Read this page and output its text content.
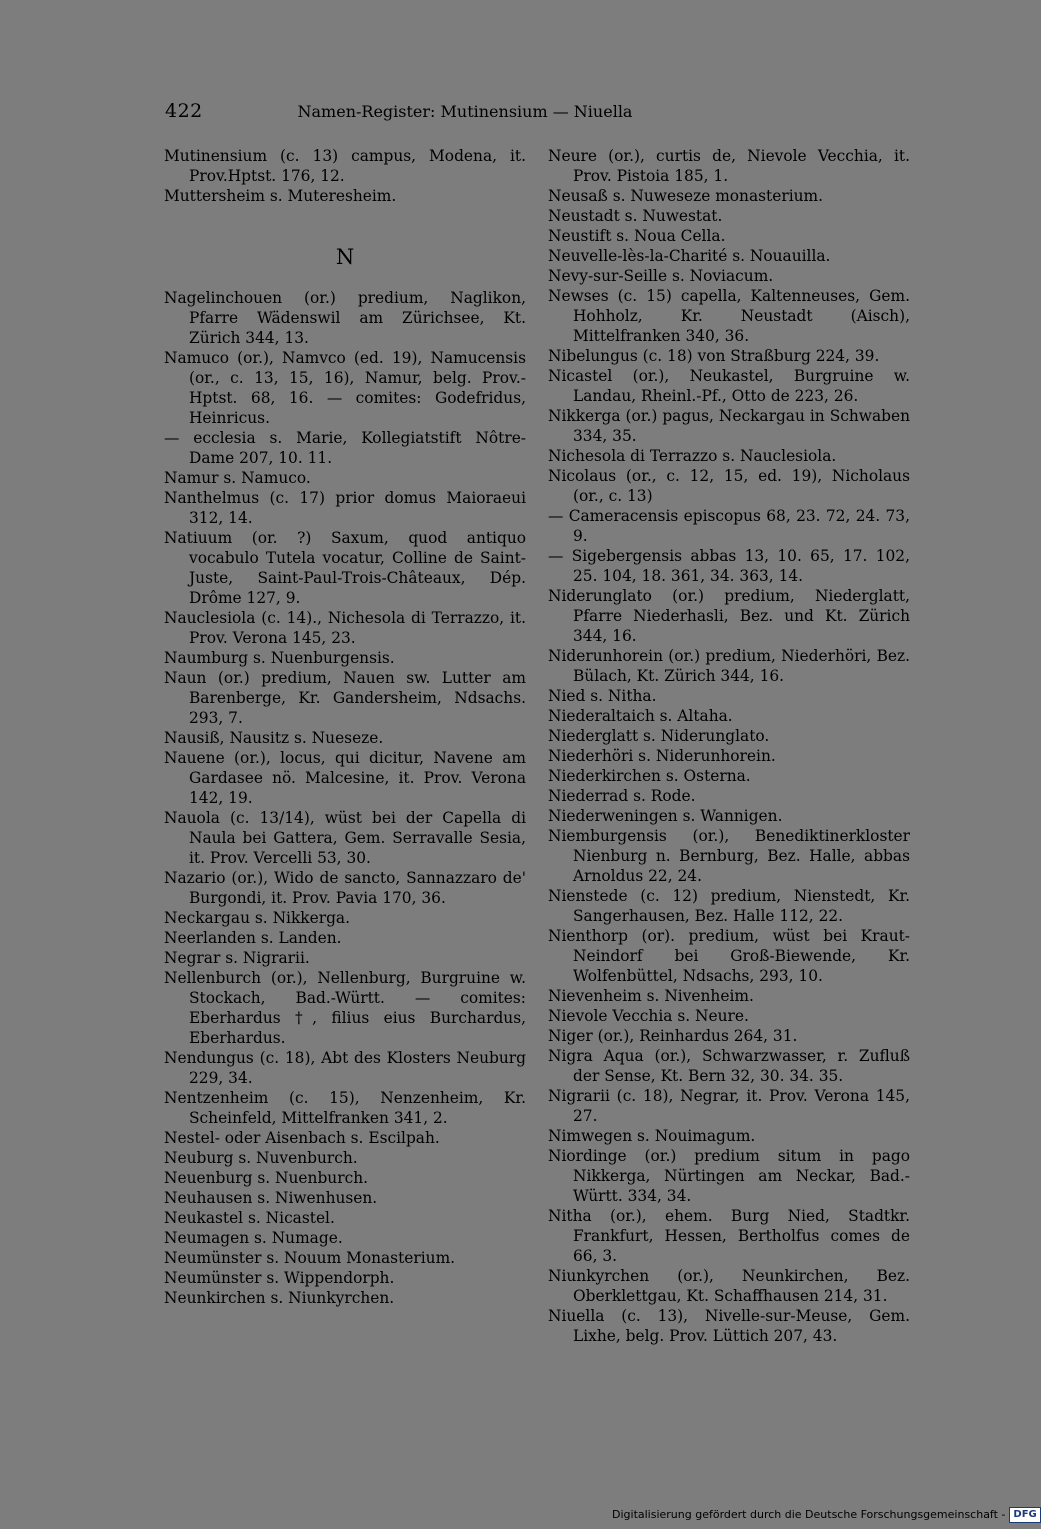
422	Namen-Register: Mutinensium — Niuella
Mutinensium (c. 13) campus, Modena, it. Prov.Hptst. 176, 12.
Muttersheim s. Muteresheim.
N
Nagelinchouen (or.) predium, Naglikon, Pfarre Wädenswil am Zürichsee, Kt. Zürich 344, 13.
Namuco (or.), Namvco (ed. 19), Namucensis (or., c. 13, 15, 16), Namur, belg. Prov.-Hptst. 68, 16. — comites: Godefridus, Heinricus.
— ecclesia s. Marie, Kollegiatstift Nôtre-Dame 207, 10. 11.
Namur s. Namuco.
Nanthelmus (c. 17) prior domus Maioraeui 312, 14.
Natiuum (or. ?) Saxum, quod antiquo vocabulo Tutela vocatur, Colline de Saint-Juste, Saint-Paul-Trois-Châteaux, Dép. Drôme 127, 9.
Nauclesiola (c. 14)., Nichesola di Terrazzo, it. Prov. Verona 145, 23.
Naumburg s. Nuenburgensis.
Naun (or.) predium, Nauen sw. Lutter am Barenberge, Kr. Gandersheim, Ndsachs. 293, 7.
Nausiß, Nausitz s. Nueseze.
Nauene (or.), locus, qui dicitur, Navene am Gardasee nö. Malcesine, it. Prov. Verona 142, 19.
Nauola (c. 13/14), wüst bei der Capella di Naula bei Gattera, Gem. Serravalle Sesia, it. Prov. Vercelli 53, 30.
Nazario (or.), Wido de sancto, Sannazzaro de' Burgondi, it. Prov. Pavia 170, 36.
Neckargau s. Nikkerga.
Neerlanden s. Landen.
Negrar s. Nigrarii.
Nellenburch (or.), Nellenburg, Burgruine w. Stockach, Bad.-Württ. — comites: Eberhardus †, filius eius Burchardus, Eberhardus.
Nendungus (c. 18), Abt des Klosters Neuburg 229, 34.
Nentzenheim (c. 15), Nenzenheim, Kr. Scheinfeld, Mittelfranken 341, 2.
Nestel- oder Aisenbach s. Escilpah.
Neuburg s. Nuvenburch.
Neuenburg s. Nuenburch.
Neuhausen s. Niwenhusen.
Neukastel s. Nicastel.
Neumagen s. Numage.
Neumünster s. Nouum Monasterium.
Neumünster s. Wippendorph.
Neunkirchen s. Niunkyrchen.
Neure (or.), curtis de, Nievole Vecchia, it. Prov. Pistoia 185, 1.
Neusaß s. Nuweseze monasterium.
Neustadt s. Nuwestat.
Neustift s. Noua Cella.
Neuvelle-lès-la-Charité s. Nouauilla.
Nevy-sur-Seille s. Noviacum.
Newses (c. 15) capella, Kaltenneuses, Gem. Hohholz, Kr. Neustadt (Aisch), Mittelfranken 340, 36.
Nibelungus (c. 18) von Straßburg 224, 39.
Nicastel (or.), Neukastel, Burgruine w. Landau, Rheinl.-Pf., Otto de 223, 26.
Nikkerga (or.) pagus, Neckargau in Schwaben 334, 35.
Nichesola di Terrazzo s. Nauclesiola.
Nicolaus (or., c. 12, 15, ed. 19), Nicholaus (or., c. 13)
— Cameracensis episcopus 68, 23. 72, 24. 73, 9.
— Sigebergensis abbas 13, 10. 65, 17. 102, 25. 104, 18. 361, 34. 363, 14.
Niderunglato (or.) predium, Niederglatt, Pfarre Niederhasli, Bez. und Kt. Zürich 344, 16.
Niderunhorein (or.) predium, Niederhöri, Bez. Bülach, Kt. Zürich 344, 16.
Nied s. Nitha.
Niederaltaich s. Altaha.
Niederglatt s. Niderunglato.
Niederhöri s. Niderunhorein.
Niederkirchen s. Osterna.
Niederrad s. Rode.
Niederweningen s. Wannigen.
Niemburgensis (or.), Benediktinerkloster Nienburg n. Bernburg, Bez. Halle, abbas Arnoldus 22, 24.
Nienstede (c. 12) predium, Nienstedt, Kr. Sangerhausen, Bez. Halle 112, 22.
Nienthorp (or). predium, wüst bei Kraut-Neindorf bei Groß-Biewende, Kr. Wolfenbüttel, Ndsachs, 293, 10.
Nievenheim s. Nivenheim.
Nievole Vecchia s. Neure.
Niger (or.), Reinhardus 264, 31.
Nigra Aqua (or.), Schwarzwasser, r. Zufluß der Sense, Kt. Bern 32, 30. 34. 35.
Nigrarii (c. 18), Negrar, it. Prov. Verona 145, 27.
Nimwegen s. Nouimagum.
Niordinge (or.) predium situm in pago Nikkerga, Nürtingen am Neckar, Bad.-Württ. 334, 34.
Nitha (or.), ehem. Burg Nied, Stadtkr. Frankfurt, Hessen, Bertholfus comes de 66, 3.
Niunkyrchen (or.), Neunkirchen, Bez. Oberklettgau, Kt. Schaffhausen 214, 31.
Niuella (c. 13), Nivelle-sur-Meuse, Gem. Lixhe, belg. Prov. Lüttich 207, 43.
Digitalisierung gefördert durch die Deutsche Forschungsgemeinschaft - DFG
